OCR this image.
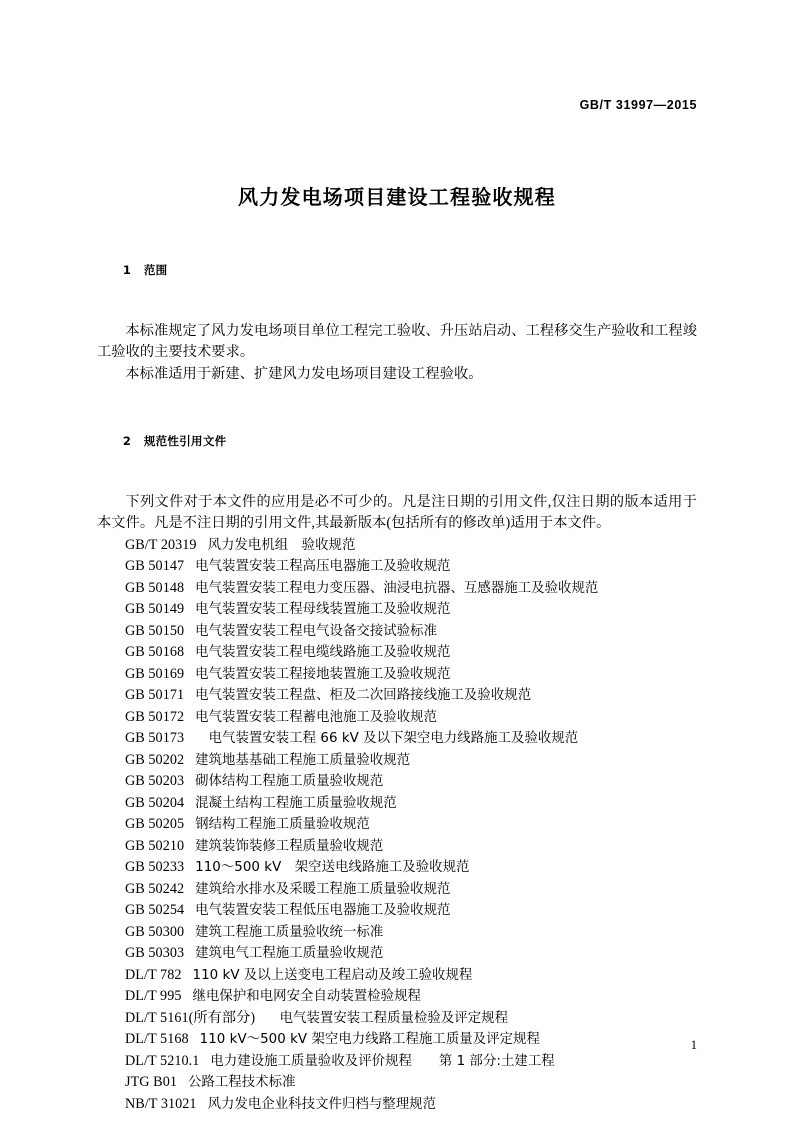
GB/T 31997—2015
风力发电场项目建设工程验收规程

1 范围

本标准规定了风力发电场项目单位工程完工验收、升压站启动、工程移交生产验收和工程竣工验收的主要技术要求。

本标准适用于新建、扩建风力发电场项目建设工程验收。

2 规范性引用文件

下列文件对于本文件的应用是必不可少的。凡是注日期的引用文件,仅注日期的版本适用于本文件。凡是不注日期的引用文件,其最新版本(包括所有的修改单)适用于本文件。

GB/T 20319 风力发电机组　验收规范
GB 50147 电气装置安装工程高压电器施工及验收规范
GB 50148 电气装置安装工程电力变压器、油浸电抗器、互感器施工及验收规范
GB 50149 电气装置安装工程母线装置施工及验收规范
GB 50150 电气装置安装工程电气设备交接试验标准
GB 50168 电气装置安装工程电缆线路施工及验收规范
GB 50169 电气装置安装工程接地装置施工及验收规范
GB 50171 电气装置安装工程盘、柜及二次回路接线施工及验收规范
GB 50172 电气装置安装工程蓄电池施工及验收规范
GB 50173　电气装置安装工程 66 kV 及以下架空电力线路施工及验收规范
GB 50202 建筑地基基础工程施工质量验收规范
GB 50203 砌体结构工程施工质量验收规范
GB 50204 混凝土结构工程施工质量验收规范
GB 50205 钢结构工程施工质量验收规范
GB 50210 建筑装饰装修工程质量验收规范
GB 50233 110～500 kV　架空送电线路施工及验收规范
GB 50242 建筑给水排水及采暖工程施工质量验收规范
GB 50254 电气装置安装工程低压电器施工及验收规范
GB 50300 建筑工程施工质量验收统一标准
GB 50303 建筑电气工程施工质量验收规范
DL/T 782 110 kV 及以上送变电工程启动及竣工验收规程
DL/T 995 继电保护和电网安全自动装置检验规程
DL/T 5161(所有部分)　电气装置安装工程质量检验及评定规程
DL/T 5168 110 kV～500 kV 架空电力线路工程施工质量及评定规程
DL/T 5210.1 电力建设施工质量验收及评价规程　　第 1 部分:土建工程
JTG B01 公路工程技术标准
NB/T 31021 风力发电企业科技文件归档与整理规范
1
